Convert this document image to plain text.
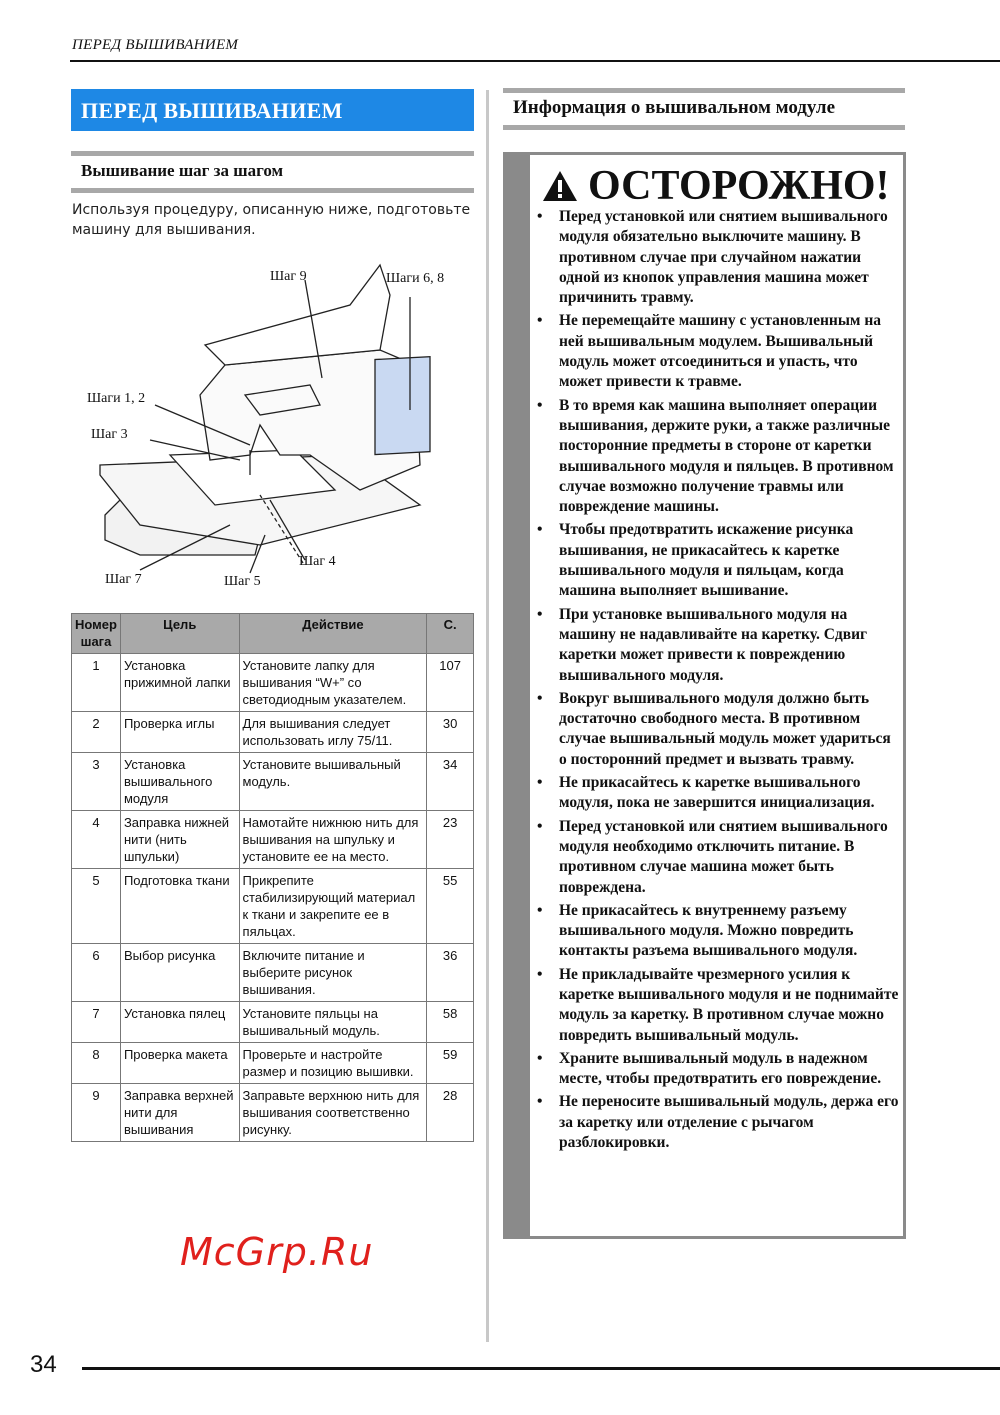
ПЕРЕД ВЫШИВАНИЕМ
ПЕРЕД ВЫШИВАНИЕМ
Вышивание шаг за шагом
Используя процедуру, описанную ниже, подготовьте машину для вышивания.
Шаг 9	Шаги 6, 8
Шаги 1, 2
Шаг 3
Шаг 4
Шаг 7	Шаг 5
Номер шага	Цель	Действие	С.
1	Установка прижимной лапки	Установите лапку для вышивания “W+” со светодиодным указателем.	107
2	Проверка иглы	Для вышивания следует использовать иглу 75/11.	30
3	Установка вышивального модуля	Установите вышивальный модуль.	34
4	Заправка нижней нити (нить шпульки)	Намотайте нижнюю нить для вышивания на шпульку и установите ее на место.	23
5	Подготовка ткани	Прикрепите стабилизирующий материал к ткани и закрепите ее в пяльцах.	55
6	Выбор рисунка	Включите питание и выберите рисунок вышивания.	36
7	Установка пялец	Установите пяльцы на вышивальный модуль.	58
8	Проверка макета	Проверьте и настройте размер и позицию вышивки.	59
9	Заправка верхней нити для вышивания	Заправьте верхнюю нить для вышивания соответственно рисунку.	28
Информация о вышивальном модуле
ОСТОРОЖНО!
• Перед установкой или снятием вышивального модуля обязательно выключите машину. В противном случае при случайном нажатии одной из кнопок управления машина может причинить травму.
• Не перемещайте машину с установленным на ней вышивальным модулем. Вышивальный модуль может отсоединиться и упасть, что может привести к травме.
• В то время как машина выполняет операции вышивания, держите руки, а также различные посторонние предметы в стороне от каретки вышивального модуля и пяльцев. В противном случае возможно получение травмы или повреждение машины.
• Чтобы предотвратить искажение рисунка вышивания, не прикасайтесь к каретке вышивального модуля и пяльцам, когда машина выполняет вышивание.
• При установке вышивального модуля на машину не надавливайте на каретку. Сдвиг каретки может привести к повреждению вышивального модуля.
• Вокруг вышивального модуля должно быть достаточно свободного места. В противном случае вышивальный модуль может удариться о посторонний предмет и вызвать травму.
• Не прикасайтесь к каретке вышивального модуля, пока не завершится инициализация.
• Перед установкой или снятием вышивального модуля необходимо отключить питание. В противном случае машина может быть повреждена.
• Не прикасайтесь к внутреннему разъему вышивального модуля. Можно повредить контакты разъема вышивального модуля.
• Не прикладывайте чрезмерного усилия к каретке вышивального модуля и не поднимайте модуль за каретку. В противном случае можно повредить вышивальный модуль.
• Храните вышивальный модуль в надежном месте, чтобы предотвратить его повреждение.
• Не переносите вышивальный модуль, держа его за каретку или отделение с рычагом разблокировки.
McGrp.Ru
34
